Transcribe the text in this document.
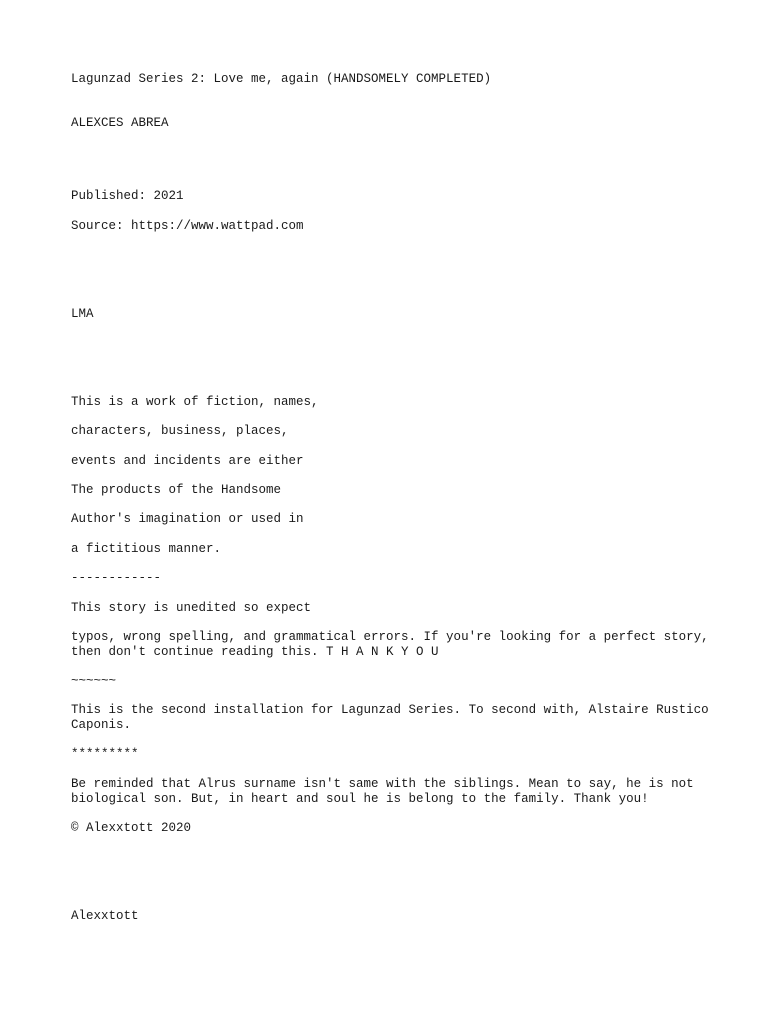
Lagunzad Series 2: Love me, again (HANDSOMELY COMPLETED)

ALEXCES ABREA

Published: 2021

Source: https://www.wattpad.com

LMA

This is a work of fiction, names,

characters, business, places,

events and incidents are either

The products of the Handsome

Author's imagination or used in

a fictitious manner.

------------

This story is unedited so expect

typos, wrong spelling, and grammatical errors. If you're looking for a perfect story, then don't continue reading this. T H A N K Y O U

~~~~~~

This is the second installation for Lagunzad Series. To second with, Alstaire Rustico Caponis.

*********

Be reminded that Alrus surname isn't same with the siblings. Mean to say, he is not biological son. But, in heart and soul he is belong to the family. Thank you!

© Alexxtott 2020

Alexxtott
